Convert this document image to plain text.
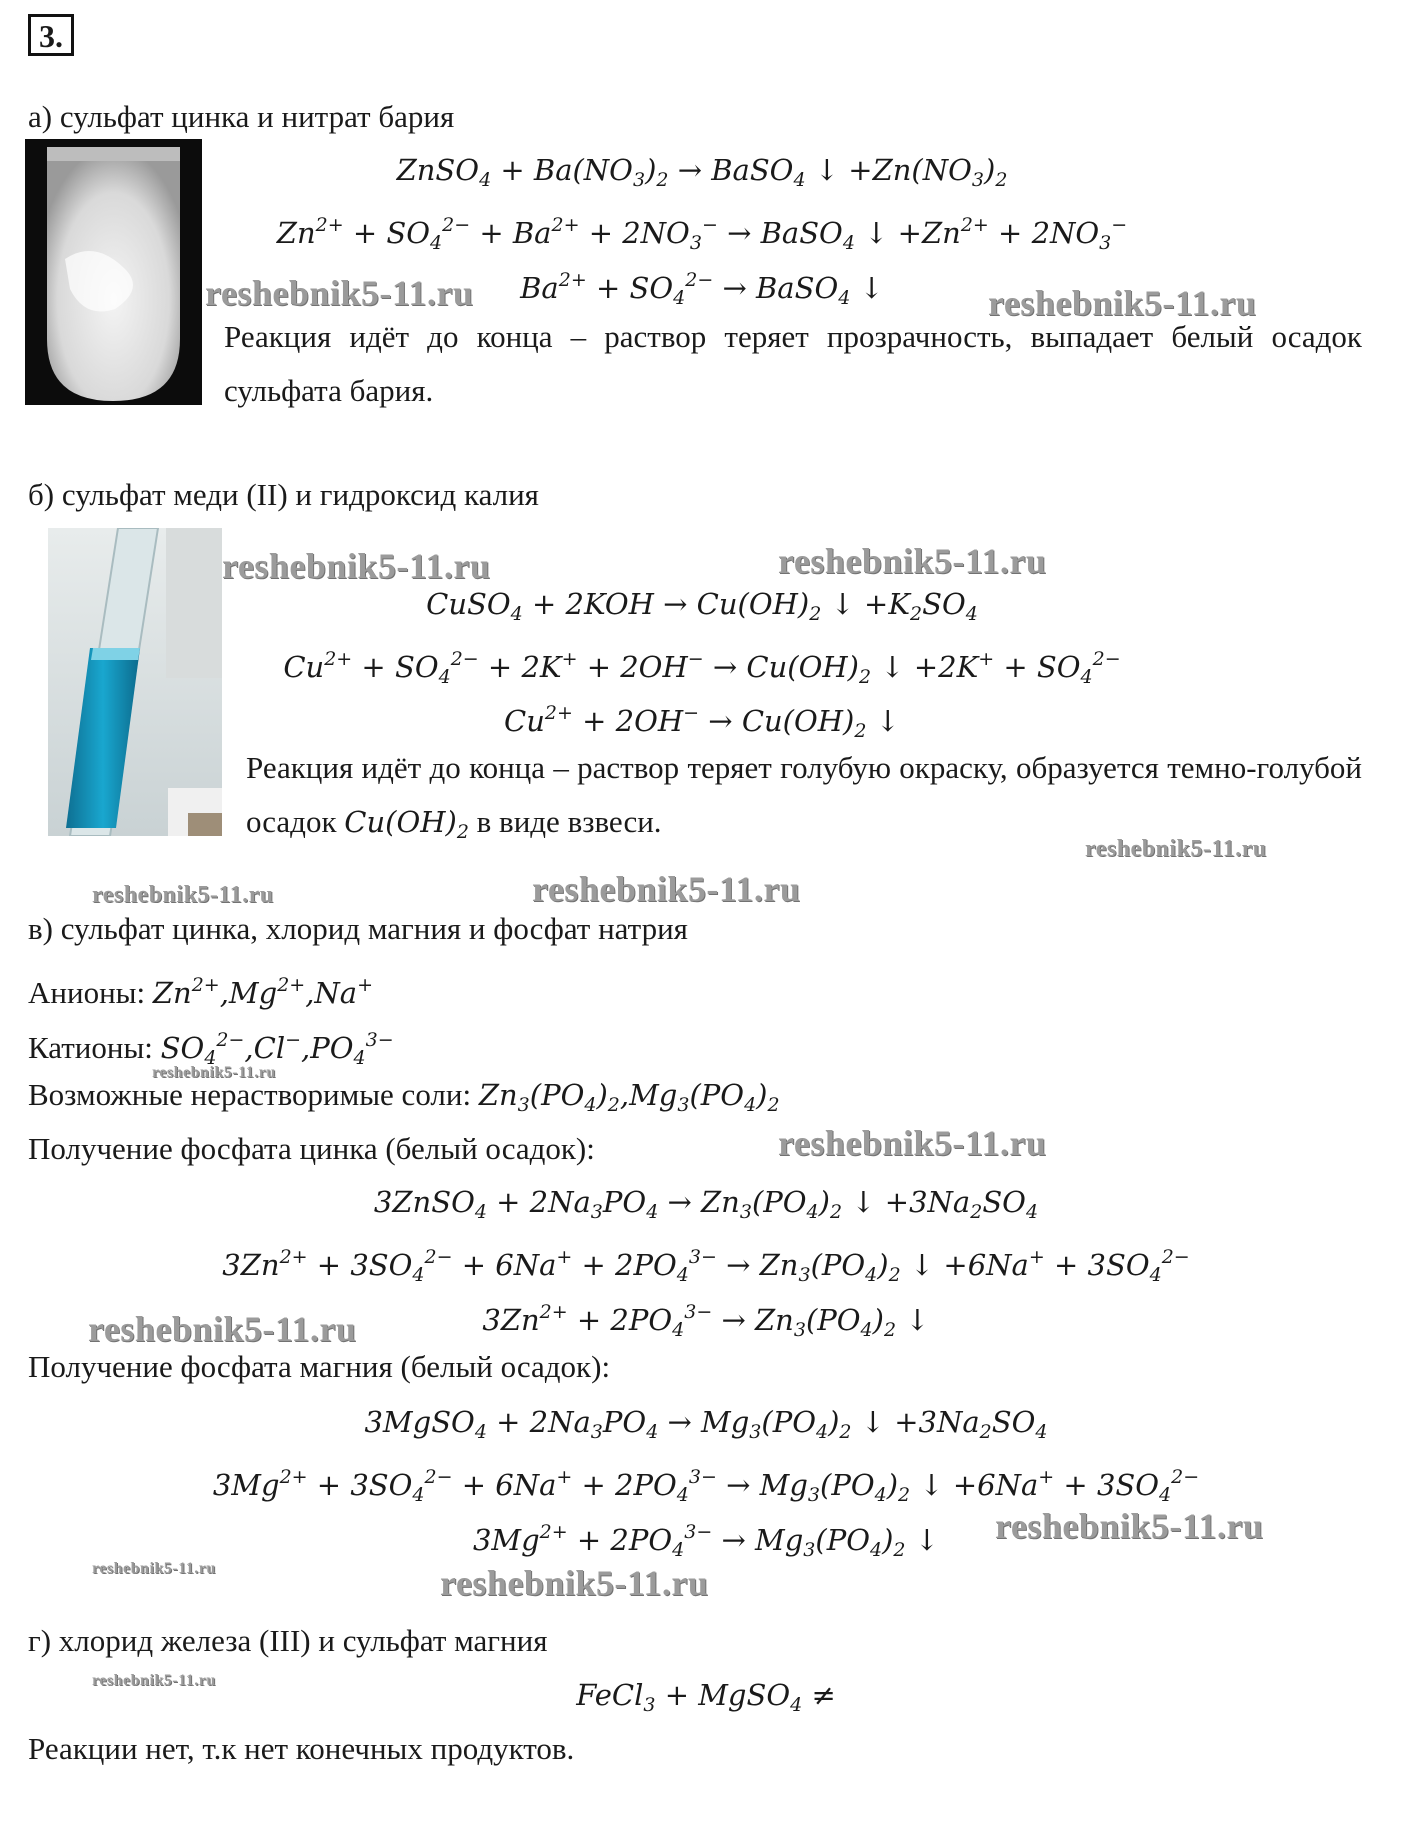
3.
а) сульфат цинка и нитрат бария
ZnSO$_4$ + $Ba(NO_3)_2$ → BaSO$_4$ ↓ $+Zn(NO_3)_2$
$Zn^{2+} + SO_4^{2-} + Ba^{2+} + 2NO_3^-$ → BaSO$_4$ ↓ $+Zn^{2+} + 2NO_3^-$
$Ba^{2+} + SO_4^{2-}$ → BaSO$_4$ ↓
Реакция идёт до конца – раствор теряет прозрачность, выпадает белый осадок сульфата бария.
б) сульфат меди (II) и гидроксид калия
CuSO$_4$ + $2KOH \to Cu(OH)_2$ ↓ $+K_2SO_4$
$Cu^{2+} + SO_4^{2-} + 2K^+ + 2OH^- \to Cu(OH)_2$ ↓ $+2K^+ + SO_4^{2-}$
$Cu^{2+} + 2OH^- \to Cu(OH)_2$ ↓
Реакция идёт до конца – раствор теряет голубую окраску, образуется темно-голубой осадок $Cu(OH)_2$ в виде взвеси.
в) сульфат цинка, хлорид магния и фосфат натрия
Анионы: $Zn^{2+},Mg^{2+},Na^+$
Катионы: $SO_4^{2-},Cl^-,PO_4^{3-}$
Возможные нерастворимые соли: $Zn_3(PO_4)_2,Mg_3(PO_4)_2$
Получение фосфата цинка (белый осадок):
3ZnSO$_4$ + $2Na_3PO_4 \to Zn_3(PO_4)_2$ ↓ $+3Na_2SO_4$
$3Zn^{2+} + 3SO_4^{2-} + 6Na^+ + 2PO_4^{3-} \to Zn_3(PO_4)_2$ ↓ $+6Na^+ + 3SO_4^{2-}$
$3Zn^{2+} + 2PO_4^{3-} \to Zn_3(PO_4)_2$ ↓
Получение фосфата магния (белый осадок):
3MgSO$_4$ + $2Na_3PO_4 \to Mg_3(PO_4)_2$ ↓ $+3Na_2SO_4$
$3Mg^{2+} + 3SO_4^{2-} + 6Na^+ + 2PO_4^{3-} \to Mg_3(PO_4)_2$ ↓ $+6Na^+ + 3SO_4^{2-}$
$3Mg^{2+} + 2PO_4^{3-} \to Mg_3(PO_4)_2$ ↓
г) хлорид железа (III) и сульфат магния
FeCl$_3$ + MgSO$_4$ ≠
Реакции нет, т.к нет конечных продуктов.
reshebnik5-11.ru	reshebnik5-11.ru
reshebnik5-11.ru	reshebnik5-11.ru
reshebnik5-11.ru
reshebnik5-11.ru
reshebnik5-11.ru
reshebnik5-11.ru
reshebnik5-11.ru
reshebnik5-11.ru
reshebnik5-11.ru
reshebnik5-11.ru	reshebnik5-11.ru
reshebnik5-11.ru
